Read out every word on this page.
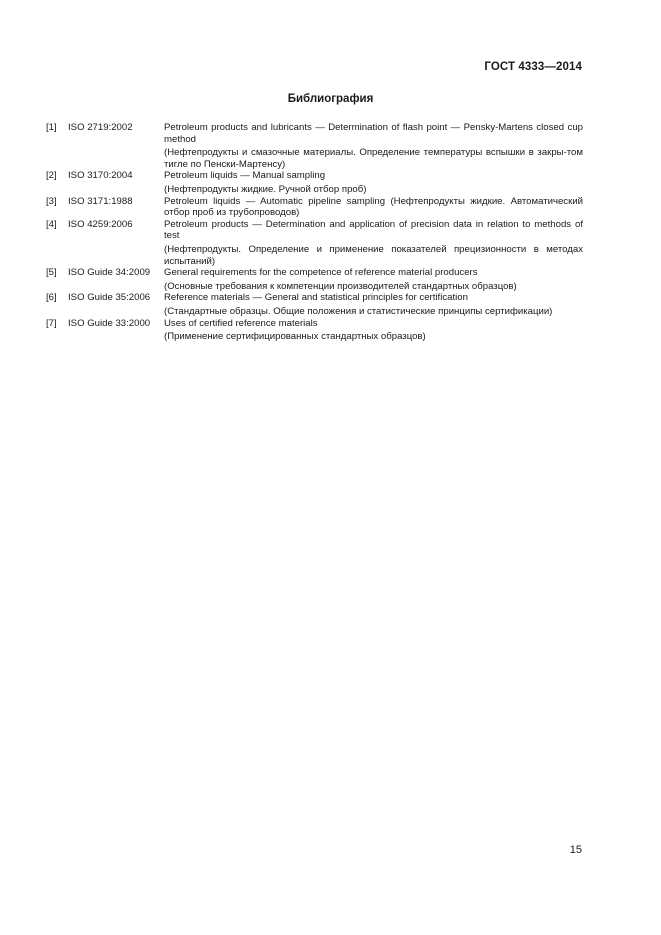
ГОСТ 4333—2014
Библиография
[1]	ISO 2719:2002	Petroleum products and lubricants — Determination of flash point — Pensky-Martens closed cup method

(Нефтепродукты и смазочные материалы. Определение температуры вспышки в закры-том тигле по Пенски-Мартенсу)

[2]	ISO 3170:2004	Petroleum liquids — Manual sampling

(Нефтепродукты жидкие. Ручной отбор проб)

[3]	ISO 3171:1988	Petroleum liquids — Automatic pipeline sampling (Нефтепродукты жидкие. Автоматический отбор проб из трубопроводов)

[4]	ISO 4259:2006	Petroleum products — Determination and application of precision data in relation to methods of test

(Нефтепродукты. Определение и применение показателей прецизионности в методах испытаний)

[5]	ISO Guide 34:2009	General requirements for the competence of reference material producers

(Основные требования к компетенции производителей стандартных образцов)

[6]	ISO Guide 35:2006	Reference materials — General and statistical principles for certification

(Стандартные образцы. Общие положения и статистические принципы сертификации)

[7]	ISO Guide 33:2000	Uses of certified reference materials

(Применение сертифицированных стандартных образцов)

15
